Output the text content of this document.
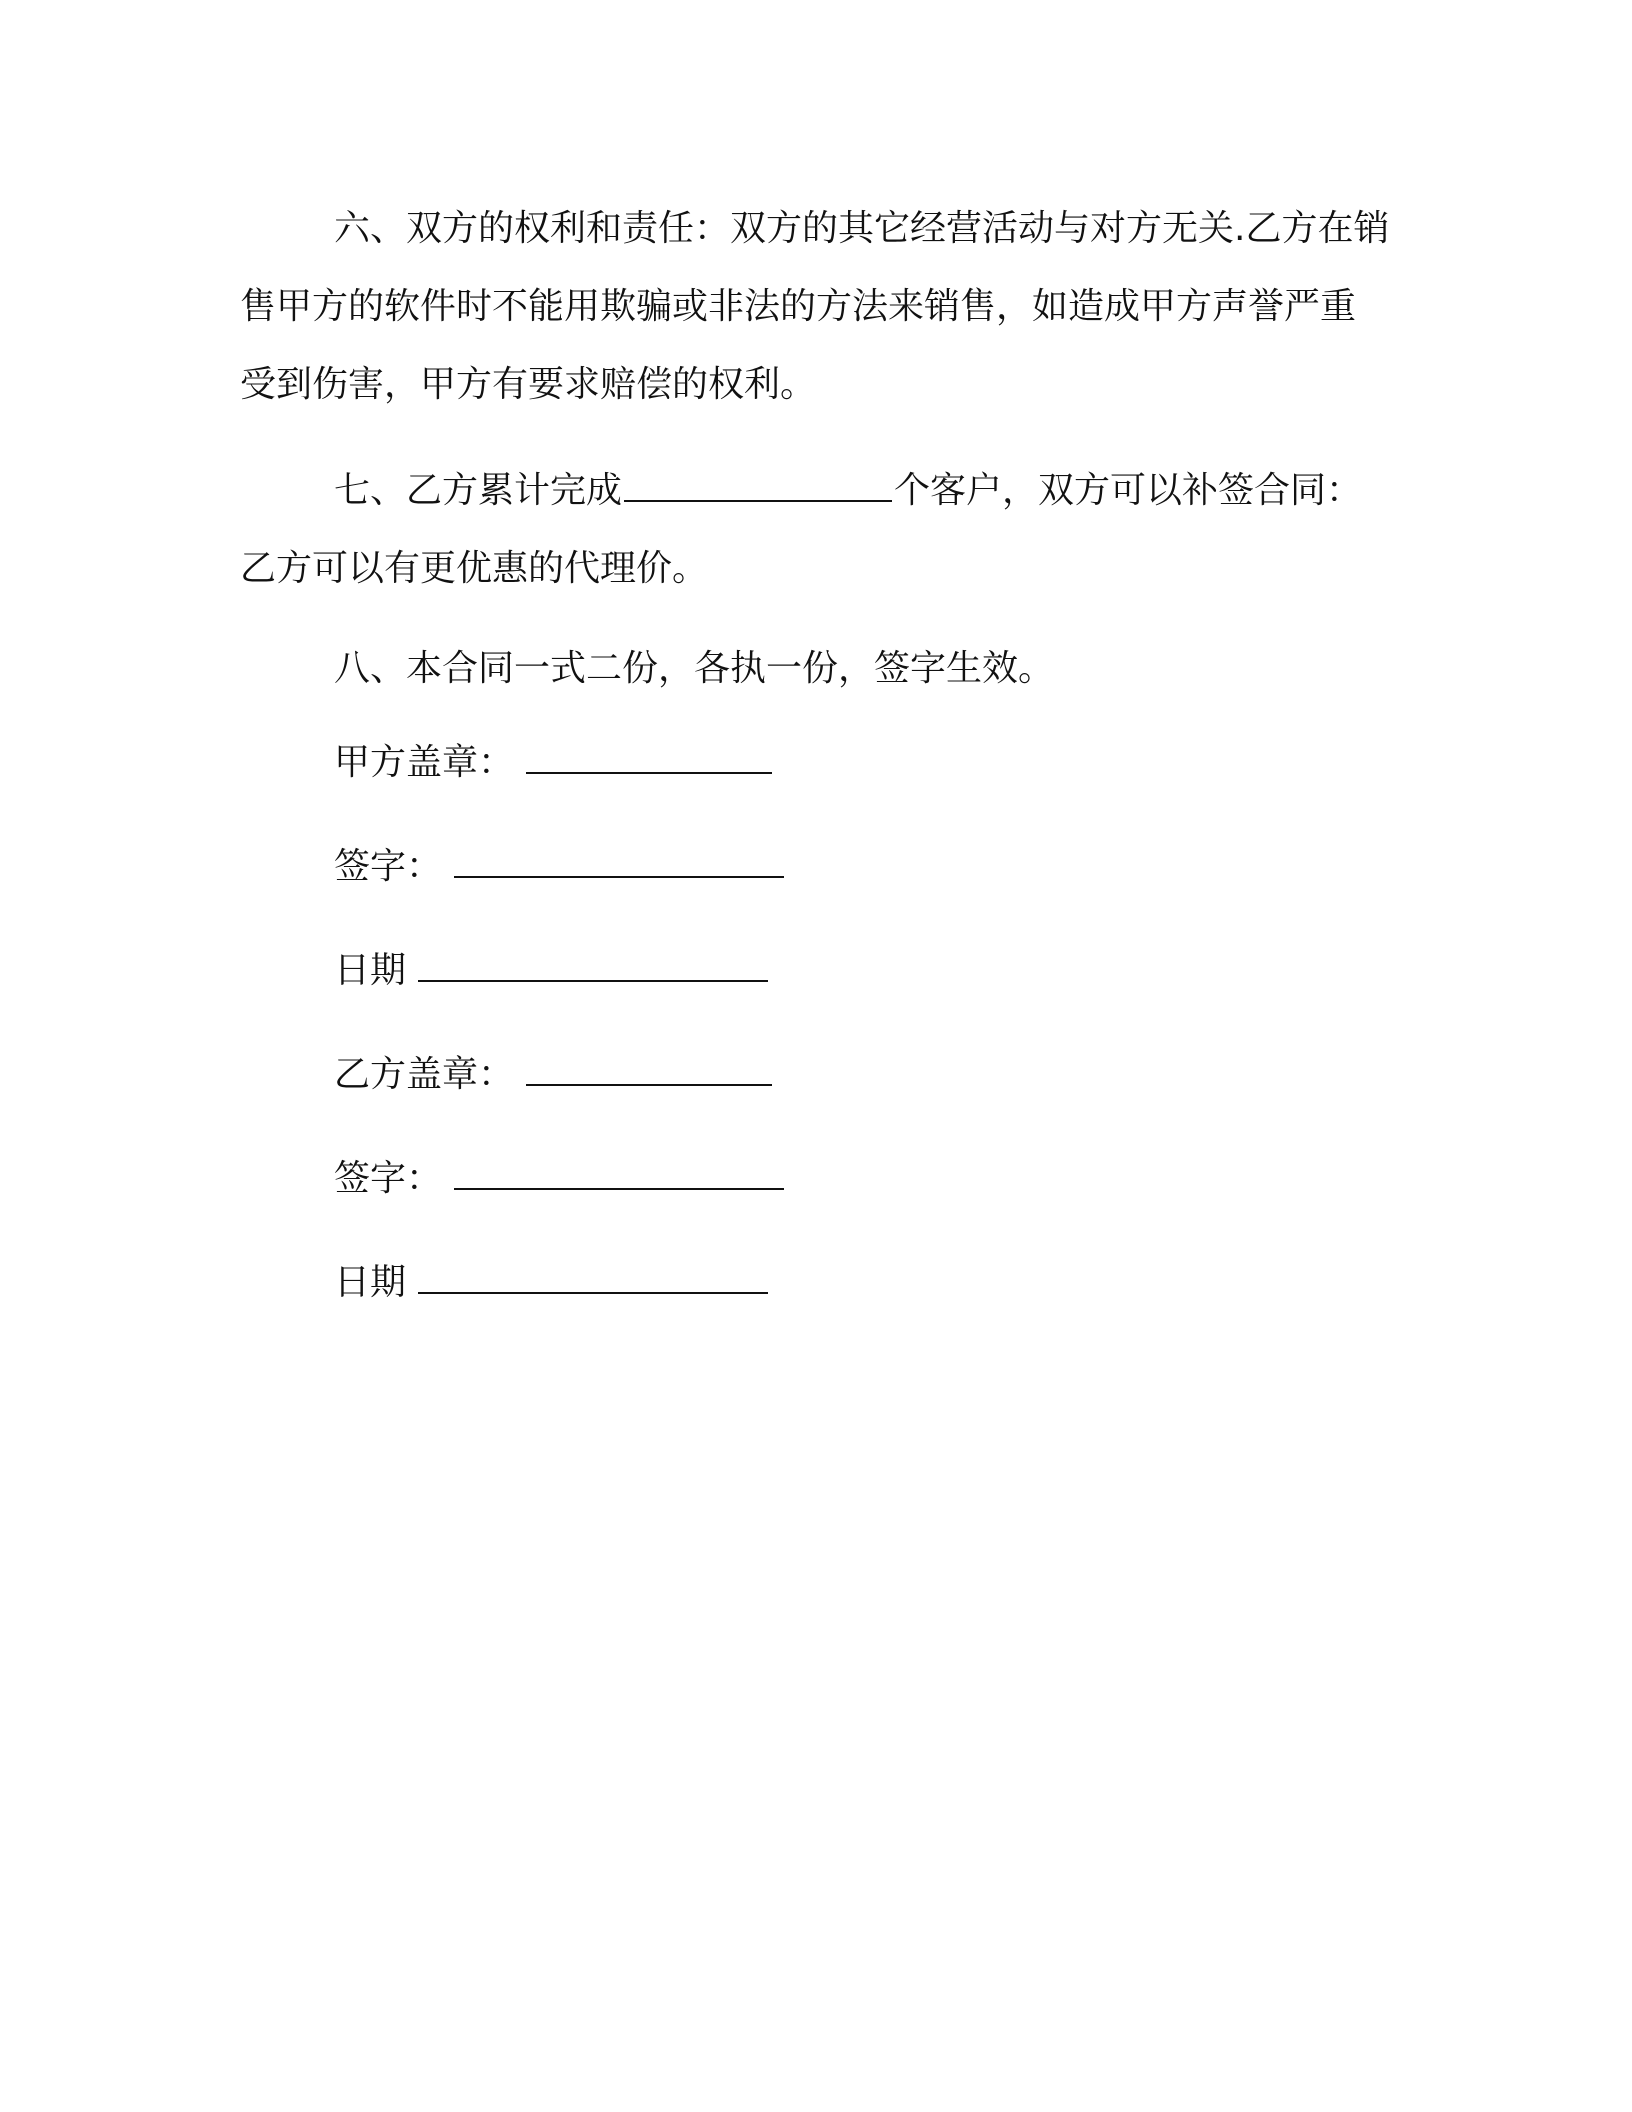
六、双方的权利和责任：双方的其它经营活动与对方无关.乙方在销售甲方的软件时不能用欺骗或非法的方法来销售，如造成甲方声誉严重受到伤害，甲方有要求赔偿的权利。

七、乙方累计完成	个客户，双方可以补签合同：乙方可以有更优惠的代理价。

八、本合同一式二份，各执一份，签字生效。

甲方盖章：
签字：
日期
乙方盖章：
签字：
日期
